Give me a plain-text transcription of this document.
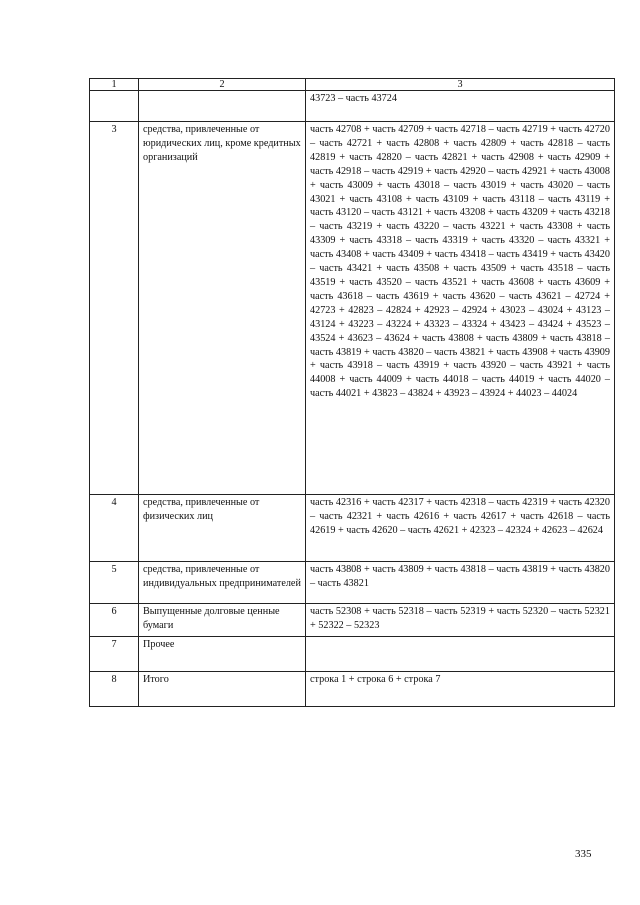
1	2	3
		43723 – часть 43724
3	средства, привлеченные от юридических лиц, кроме кредитных организаций	часть 42708 + часть 42709 + часть 42718 – часть 42719 + часть 42720 – часть 42721 + часть 42808 + часть 42809 + часть 42818 – часть 42819 + часть 42820 – часть 42821 + часть 42908 + часть 42909 + часть 42918 – часть 42919 + часть 42920 – часть 42921 + часть 43008 + часть 43009 + часть 43018 – часть 43019 + часть 43020 – часть 43021 + часть 43108 + часть 43109 + часть 43118 – часть 43119 + часть 43120 – часть 43121 + часть 43208 + часть 43209 + часть 43218 – часть 43219 + часть 43220 – часть 43221 + часть 43308 + часть 43309 + часть 43318 – часть 43319 + часть 43320 – часть 43321 + часть 43408 + часть 43409 + часть 43418 – часть 43419 + часть 43420 – часть 43421 + часть 43508 + часть 43509 + часть 43518 – часть 43519 + часть 43520 – часть 43521 + часть 43608 + часть 43609 + часть 43618 – часть 43619 + часть 43620 – часть 43621 – 42724 + 42723 + 42823 – 42824 + 42923 – 42924 + 43023 – 43024 + 43123 – 43124 + 43223 – 43224 + 43323 – 43324 + 43423 – 43424 + 43523 – 43524 + 43623 – 43624 + часть 43808 + часть 43809 + часть 43818 – часть 43819 + часть 43820 – часть 43821 + часть 43908 + часть 43909 + часть 43918 – часть 43919 + часть 43920 – часть 43921 + часть 44008 + часть 44009 + часть 44018 – часть 44019 + часть 44020 – часть 44021 + 43823 – 43824 + 43923 – 43924 + 44023 – 44024
4	средства, привлеченные от физических лиц	часть 42316 + часть 42317 + часть 42318 – часть 42319 + часть 42320 – часть 42321 + часть 42616 + часть 42617 + часть 42618 – часть 42619 + часть 42620 – часть 42621 + 42323 – 42324 + 42623 – 42624
5	средства, привлеченные от индивидуальных предпринимателей	часть 43808 + часть 43809 + часть 43818 – часть 43819 + часть 43820 – часть 43821
6	Выпущенные долговые ценные бумаги	часть 52308 + часть 52318 – часть 52319 + часть 52320 – часть 52321 + 52322 – 52323
7	Прочее	
8	Итого	строка 1 + строка 6 + строка 7
335
